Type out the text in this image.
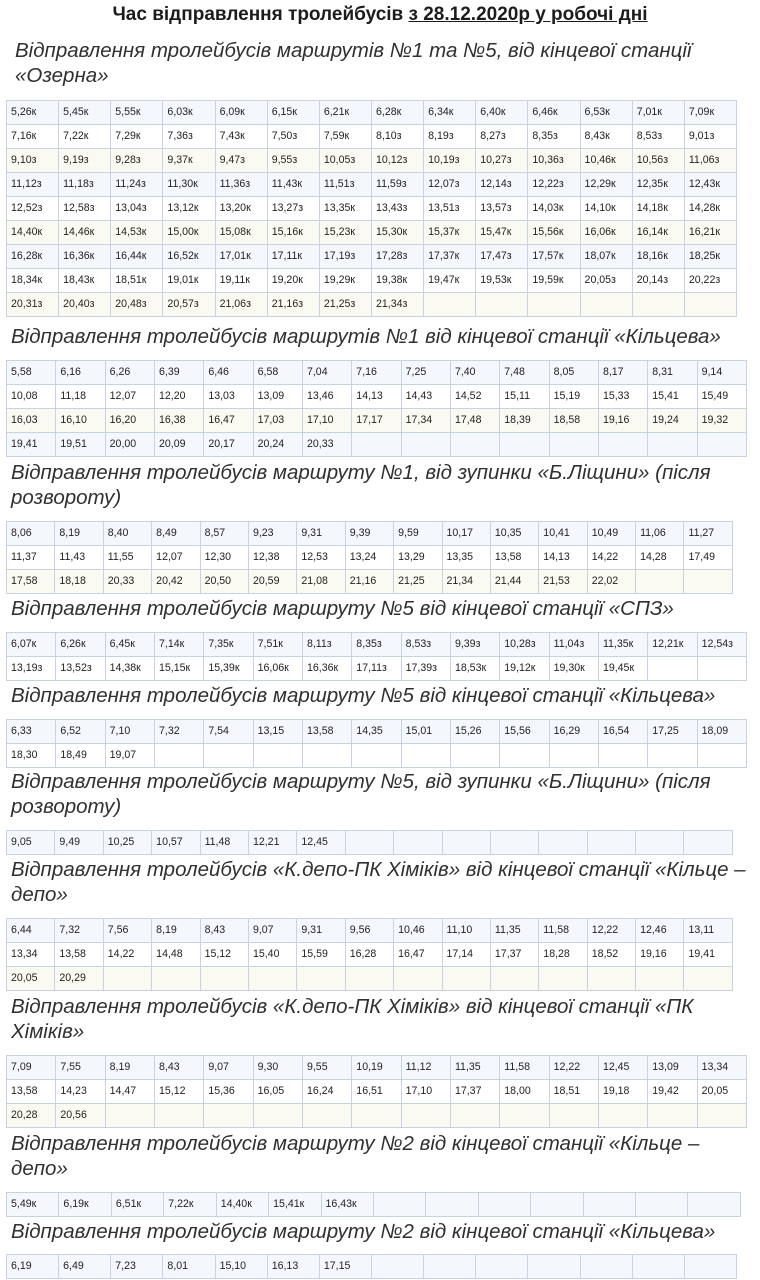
Час відправлення тролейбусів з 28.12.2020р у робочі дні
Відправлення тролейбусів маршрутів №1 та №5, від кінцевої станції «Озерна»
5,26к	5,45к	5,55к	6,03к	6,09к	6,15к	6,21к	6,28к	6,34к	6,40к	6,46к	6,53к	7,01к	7,09к
7,16к	7,22к	7,29к	7,36з	7,43к	7,50з	7,59к	8,10з	8,19з	8,27з	8,35з	8,43к	8,53з	9,01з
9,10з	9,19з	9,28з	9,37к	9,47з	9,55з	10,05з	10,12з	10,19з	10,27з	10,36з	10,46к	10,56з	11,06з
11,12з	11,18з	11,24з	11,30к	11,36з	11,43к	11,51з	11,59з	12,07з	12,14з	12,22з	12,29к	12,35к	12,43к
12,52з	12,58з	13,04з	13,12к	13,20к	13,27з	13,35к	13,43з	13,51з	13,57з	14,03к	14,10к	14,18к	14,28к
14,40к	14,46к	14,53к	15,00к	15,08к	15,16к	15,23к	15,30к	15,37к	15,47к	15,56к	16,06к	16,14к	16,21к
16,28к	16,36к	16,44к	16,52к	17,01к	17,11к	17,19з	17,28з	17,37к	17,47з	17,57к	18,07к	18,16к	18,25к
18,34к	18,43к	18,51к	19,01к	19,11к	19,20к	19,29к	19,38к	19,47к	19,53к	19,59к	20,05з	20,14з	20,22з
20,31з	20,40з	20,48з	20,57з	21,06з	21,16з	21,25з	21,34з						
Відправлення тролейбусів маршрутів №1 від кінцевої станції «Кільцева»
5,58	6,16	6,26	6,39	6,46	6,58	7,04	7,16	7,25	7,40	7,48	8,05	8,17	8,31	9,14
10,08	11,18	12,07	12,20	13,03	13,09	13,46	14,13	14,43	14,52	15,11	15,19	15,33	15,41	15,49
16,03	16,10	16,20	16,38	16,47	17,03	17,10	17,17	17,34	17,48	18,39	18,58	19,16	19,24	19,32
19,41	19,51	20,00	20,09	20,17	20,24	20,33								
Відправлення тролейбусів маршруту №1, від зупинки «Б.Ліщини» (після розвороту)
8,06	8,19	8,40	8,49	8,57	9,23	9,31	9,39	9,59	10,17	10,35	10,41	10,49	11,06	11,27
11,37	11,43	11,55	12,07	12,30	12,38	12,53	13,24	13,29	13,35	13,58	14,13	14,22	14,28	17,49
17,58	18,18	20,33	20,42	20,50	20,59	21,08	21,16	21,25	21,34	21,44	21,53	22,02		
Відправлення тролейбусів маршруту №5 від кінцевої станції «СПЗ»
6,07к	6,26к	6,45к	7,14к	7,35к	7,51к	8,11з	8,35з	8,53з	9,39з	10,28з	11,04з	11,35к	12,21к	12,54з
13,19з	13,52з	14,38к	15,15к	15,39к	16,06к	16,36к	17,11з	17,39з	18,53к	19,12к	19,30к	19,45к		
Відправлення тролейбусів маршруту №5 від кінцевої станції «Кільцева»
6,33	6,52	7,10	7,32	7,54	13,15	13,58	14,35	15,01	15,26	15,56	16,29	16,54	17,25	18,09
18,30	18,49	19,07												
Відправлення тролейбусів маршруту №5, від зупинки «Б.Ліщини» (після розвороту)
9,05	9,49	10,25	10,57	11,48	12,21	12,45								
Відправлення тролейбусів «К.депо-ПК Хіміків» від кінцевої станції «Кільце – депо»
6,44	7,32	7,56	8,19	8,43	9,07	9,31	9,56	10,46	11,10	11,35	11,58	12,22	12,46	13,11
13,34	13,58	14,22	14,48	15,12	15,40	15,59	16,28	16,47	17,14	17,37	18,28	18,52	19,16	19,41
20,05	20,29													
Відправлення тролейбусів «К.депо-ПК Хіміків» від кінцевої станції «ПК Хіміків»
7,09	7,55	8,19	8,43	9,07	9,30	9,55	10,19	11,12	11,35	11,58	12,22	12,45	13,09	13,34
13,58	14,23	14,47	15,12	15,36	16,05	16,24	16,51	17,10	17,37	18,00	18,51	19,18	19,42	20,05
20,28	20,56													
Відправлення тролейбусів маршруту №2 від кінцевої станції «Кільце – депо»
5,49к	6,19к	6,51к	7,22к	14,40к	15,41к	16,43к							
Відправлення тролейбусів маршруту №2 від кінцевої станції «Кільцева»
6,19	6,49	7,23	8,01	15,10	16,13	17,15							
